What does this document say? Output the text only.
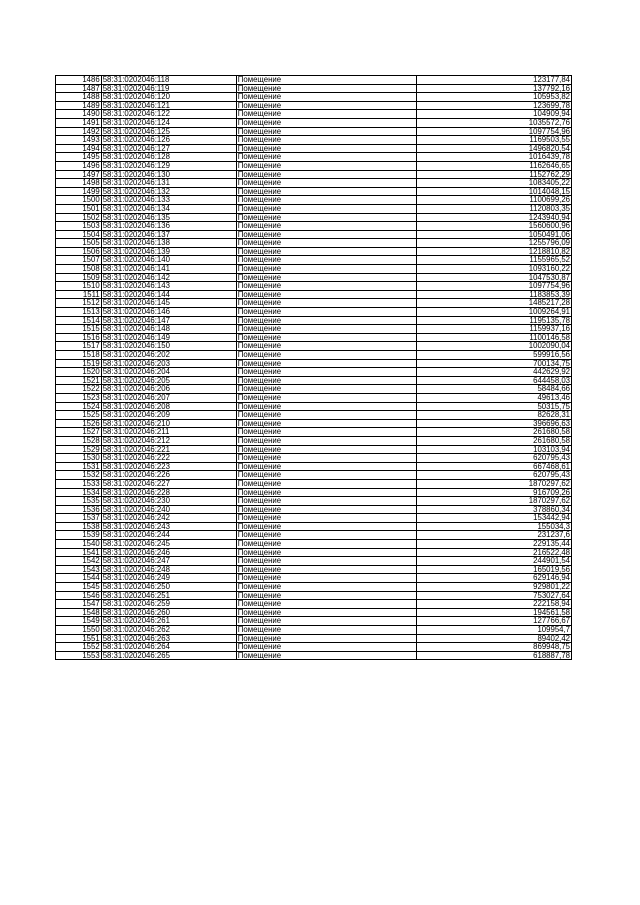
1486	58:31:0202046:118	Помещение	123177,84
1487	58:31:0202046:119	Помещение	137792,16
1488	58:31:0202046:120	Помещение	105953,82
1489	58:31:0202046:121	Помещение	123699,78
1490	58:31:0202046:122	Помещение	104909,94
1491	58:31:0202046:124	Помещение	1035572,76
1492	58:31:0202046:125	Помещение	1097754,96
1493	58:31:0202046:126	Помещение	1169503,55
1494	58:31:0202046:127	Помещение	1496820,54
1495	58:31:0202046:128	Помещение	1016439,78
1496	58:31:0202046:129	Помещение	1162646,65
1497	58:31:0202046:130	Помещение	1152762,29
1498	58:31:0202046:131	Помещение	1083405,22
1499	58:31:0202046:132	Помещение	1014048,15
1500	58:31:0202046:133	Помещение	1100699,26
1501	58:31:0202046:134	Помещение	1120803,35
1502	58:31:0202046:135	Помещение	1243940,94
1503	58:31:0202046:136	Помещение	1560600,96
1504	58:31:0202046:137	Помещение	1050491,06
1505	58:31:0202046:138	Помещение	1255796,09
1506	58:31:0202046:139	Помещение	1218810,82
1507	58:31:0202046:140	Помещение	1155965,52
1508	58:31:0202046:141	Помещение	1093160,22
1509	58:31:0202046:142	Помещение	1047530,87
1510	58:31:0202046:143	Помещение	1097754,96
1511	58:31:0202046:144	Помещение	1183853,39
1512	58:31:0202046:145	Помещение	1485217,28
1513	58:31:0202046:146	Помещение	1009264,91
1514	58:31:0202046:147	Помещение	1195135,78
1515	58:31:0202046:148	Помещение	1159937,16
1516	58:31:0202046:149	Помещение	1100146,58
1517	58:31:0202046:150	Помещение	1002090,04
1518	58:31:0202046:202	Помещение	599916,56
1519	58:31:0202046:203	Помещение	700134,75
1520	58:31:0202046:204	Помещение	442629,92
1521	58:31:0202046:205	Помещение	644458,03
1522	58:31:0202046:206	Помещение	58484,66
1523	58:31:0202046:207	Помещение	49613,46
1524	58:31:0202046:208	Помещение	50315,75
1525	58:31:0202046:209	Помещение	82628,31
1526	58:31:0202046:210	Помещение	396696,63
1527	58:31:0202046:211	Помещение	261680,58
1528	58:31:0202046:212	Помещение	261680,58
1529	58:31:0202046:221	Помещение	103103,94
1530	58:31:0202046:222	Помещение	620795,43
1531	58:31:0202046:223	Помещение	667468,61
1532	58:31:0202046:226	Помещение	620795,43
1533	58:31:0202046:227	Помещение	1870297,62
1534	58:31:0202046:228	Помещение	916709,26
1535	58:31:0202046:230	Помещение	1870297,62
1536	58:31:0202046:240	Помещение	378860,34
1537	58:31:0202046:242	Помещение	153442,94
1538	58:31:0202046:243	Помещение	155034,3
1539	58:31:0202046:244	Помещение	231237,6
1540	58:31:0202046:245	Помещение	229135,44
1541	58:31:0202046:246	Помещение	216522,48
1542	58:31:0202046:247	Помещение	244901,54
1543	58:31:0202046:248	Помещение	165019,56
1544	58:31:0202046:249	Помещение	629146,94
1545	58:31:0202046:250	Помещение	929801,22
1546	58:31:0202046:251	Помещение	753027,64
1547	58:31:0202046:259	Помещение	222158,94
1548	58:31:0202046:260	Помещение	194561,58
1549	58:31:0202046:261	Помещение	127766,67
1550	58:31:0202046:262	Помещение	109954,7
1551	58:31:0202046:263	Помещение	89402,42
1552	58:31:0202046:264	Помещение	869948,75
1553	58:31:0202046:265	Помещение	618887,78
